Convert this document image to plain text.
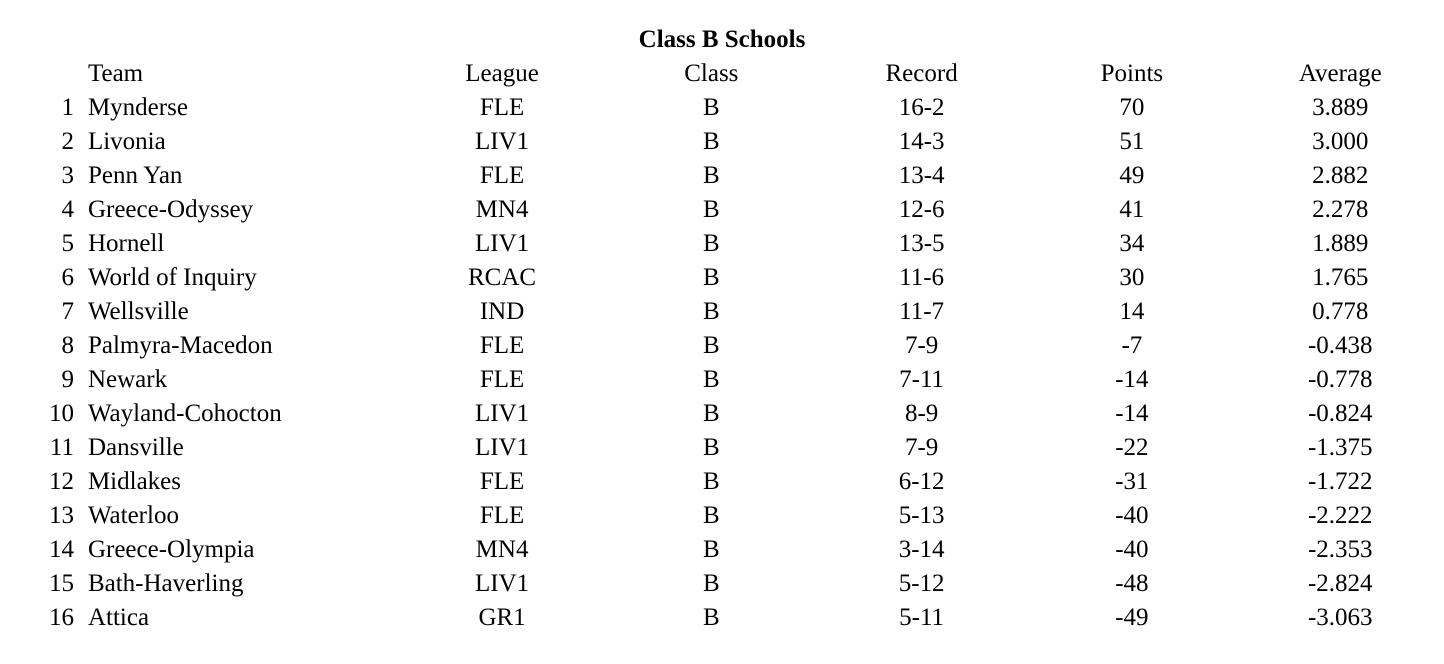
Class B Schools
	Team	League	Class	Record	Points	Average
1	Mynderse	FLE	B	16-2	70	3.889
2	Livonia	LIV1	B	14-3	51	3.000
3	Penn Yan	FLE	B	13-4	49	2.882
4	Greece-Odyssey	MN4	B	12-6	41	2.278
5	Hornell	LIV1	B	13-5	34	1.889
6	World of Inquiry	RCAC	B	11-6	30	1.765
7	Wellsville	IND	B	11-7	14	0.778
8	Palmyra-Macedon	FLE	B	7-9	-7	-0.438
9	Newark	FLE	B	7-11	-14	-0.778
10	Wayland-Cohocton	LIV1	B	8-9	-14	-0.824
11	Dansville	LIV1	B	7-9	-22	-1.375
12	Midlakes	FLE	B	6-12	-31	-1.722
13	Waterloo	FLE	B	5-13	-40	-2.222
14	Greece-Olympia	MN4	B	3-14	-40	-2.353
15	Bath-Haverling	LIV1	B	5-12	-48	-2.824
16	Attica	GR1	B	5-11	-49	-3.063
